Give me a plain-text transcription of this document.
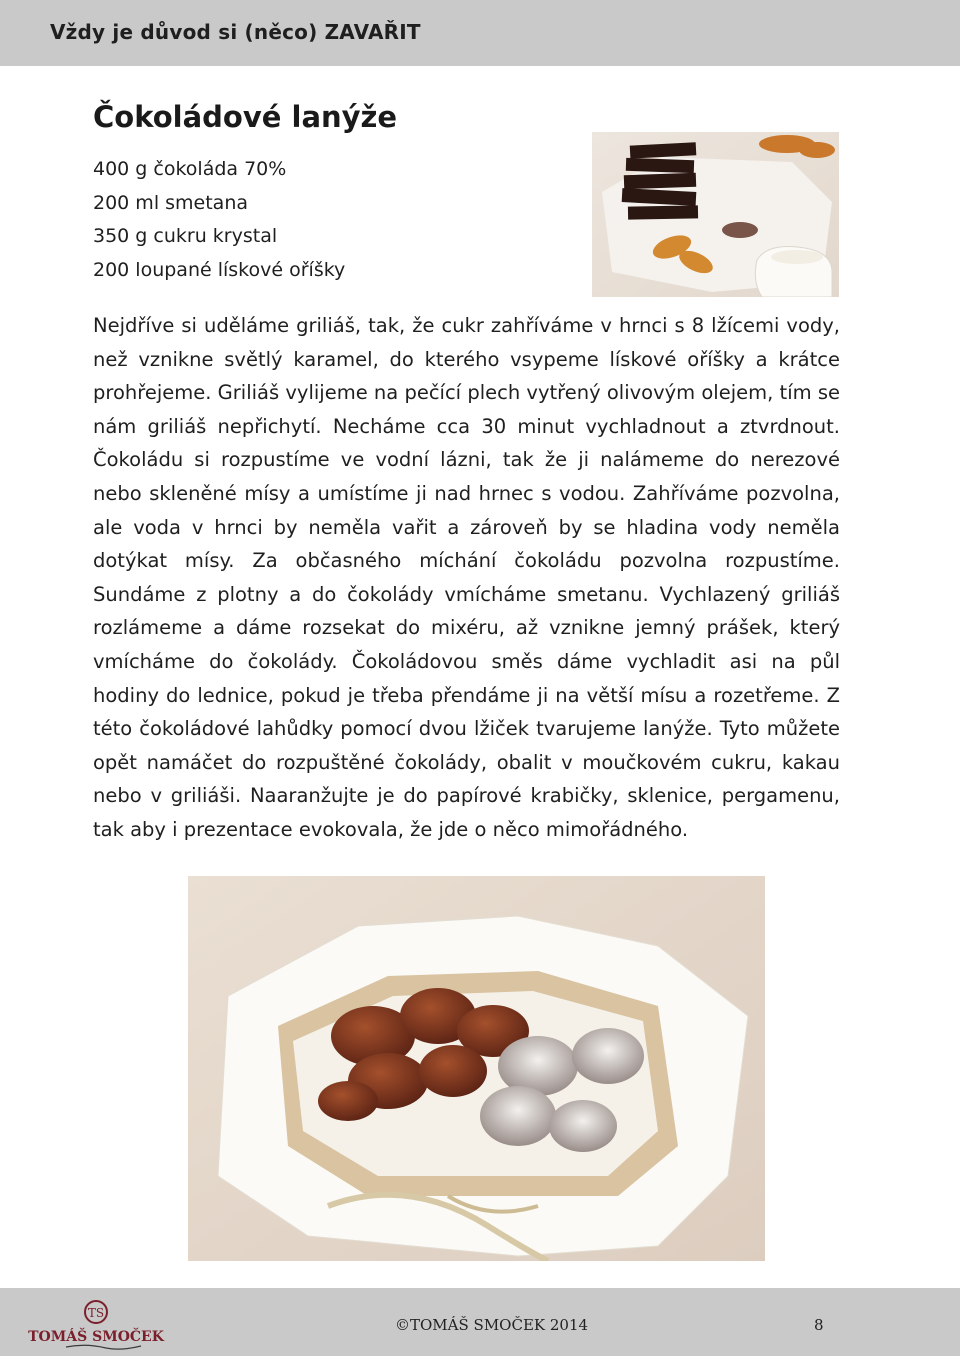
Vždy je důvod si (něco) ZAVAŘIT
Čokoládové lanýže
400 g čokoláda 70%
200 ml smetana
350 g cukru krystal
200 loupané lískové oříšky

Nejdříve si uděláme griliáš, tak, že cukr zahříváme v hrnci s 8 lžícemi vody, než vznikne světlý karamel, do kterého vsypeme lískové oříšky a krátce prohřejeme. Griliáš vylijeme na pečící plech vytřený olivovým olejem, tím se nám griliáš nepřichytí. Necháme cca 30 minut vychladnout a ztvrdnout. Čokoládu si rozpustíme ve vodní lázni, tak že ji nalámeme do nerezové nebo skleněné mísy a umístíme ji nad hrnec s vodou. Zahříváme pozvolna, ale voda v hrnci by neměla vařit a zároveň by se hladina vody neměla dotýkat mísy. Za občasného míchání čokoládu pozvolna rozpustíme. Sundáme z plotny a do čokolády vmícháme smetanu. Vychlazený griliáš rozlámeme a dáme rozsekat do mixéru, až vznikne jemný prášek, který vmícháme do čokolády. Čokoládovou směs dáme vychladit asi na půl hodiny do lednice, pokud je třeba přendáme ji na větší mísu a rozetřeme. Z této čokoládové lahůdky pomocí dvou lžiček tvarujeme lanýže. Tyto můžete opět namáčet do rozpuštěné čokolády, obalit v moučkovém cukru, kakau nebo v griliáši. Naaranžujte je do papírové krabičky, sklenice, pergamenu, tak aby i prezentace evokovala, že jde o něco mimořádného.

TS
TOMÁŠ SMOČEK
©TOMÁŠ SMOČEK 2014	8
